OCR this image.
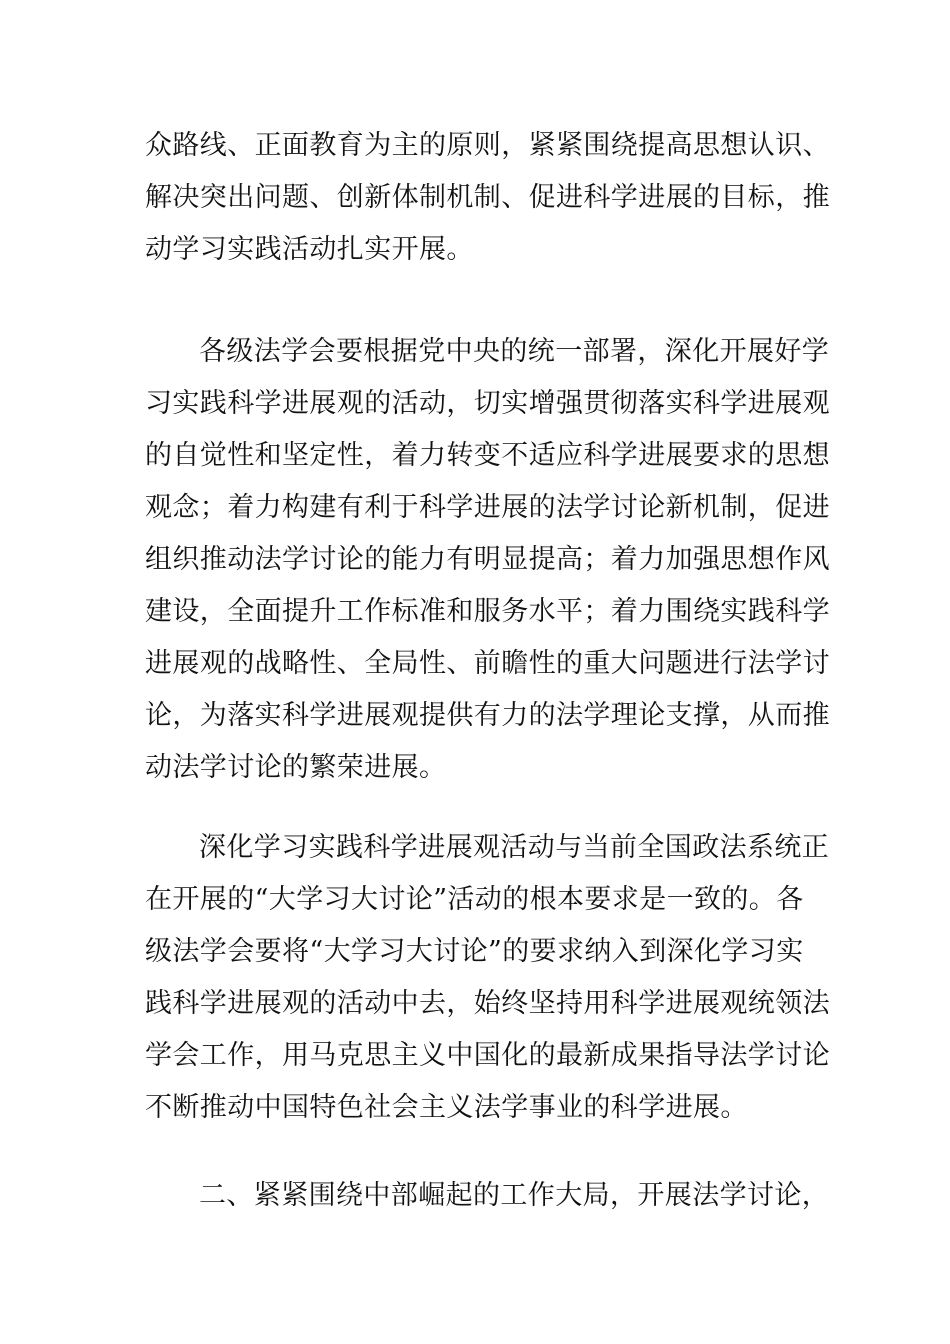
众路线、正面教育为主的原则，紧紧围绕提高思想认识、
解决突出问题、创新体制机制、促进科学进展的目标，推
动学习实践活动扎实开展。
各级法学会要根据党中央的统一部署，深化开展好学
习实践科学进展观的活动，切实增强贯彻落实科学进展观
的自觉性和坚定性，着力转变不适应科学进展要求的思想
观念；着力构建有利于科学进展的法学讨论新机制，促进
组织推动法学讨论的能力有明显提高；着力加强思想作风
建设，全面提升工作标准和服务水平；着力围绕实践科学
进展观的战略性、全局性、前瞻性的重大问题进行法学讨
论，为落实科学进展观提供有力的法学理论支撑，从而推
动法学讨论的繁荣进展。
深化学习实践科学进展观活动与当前全国政法系统正
在开展的“大学习大讨论”活动的根本要求是一致的。各
级法学会要将“大学习大讨论”的要求纳入到深化学习实
践科学进展观的活动中去，始终坚持用科学进展观统领法
学会工作，用马克思主义中国化的最新成果指导法学讨论
不断推动中国特色社会主义法学事业的科学进展。
二、紧紧围绕中部崛起的工作大局，开展法学讨论，
